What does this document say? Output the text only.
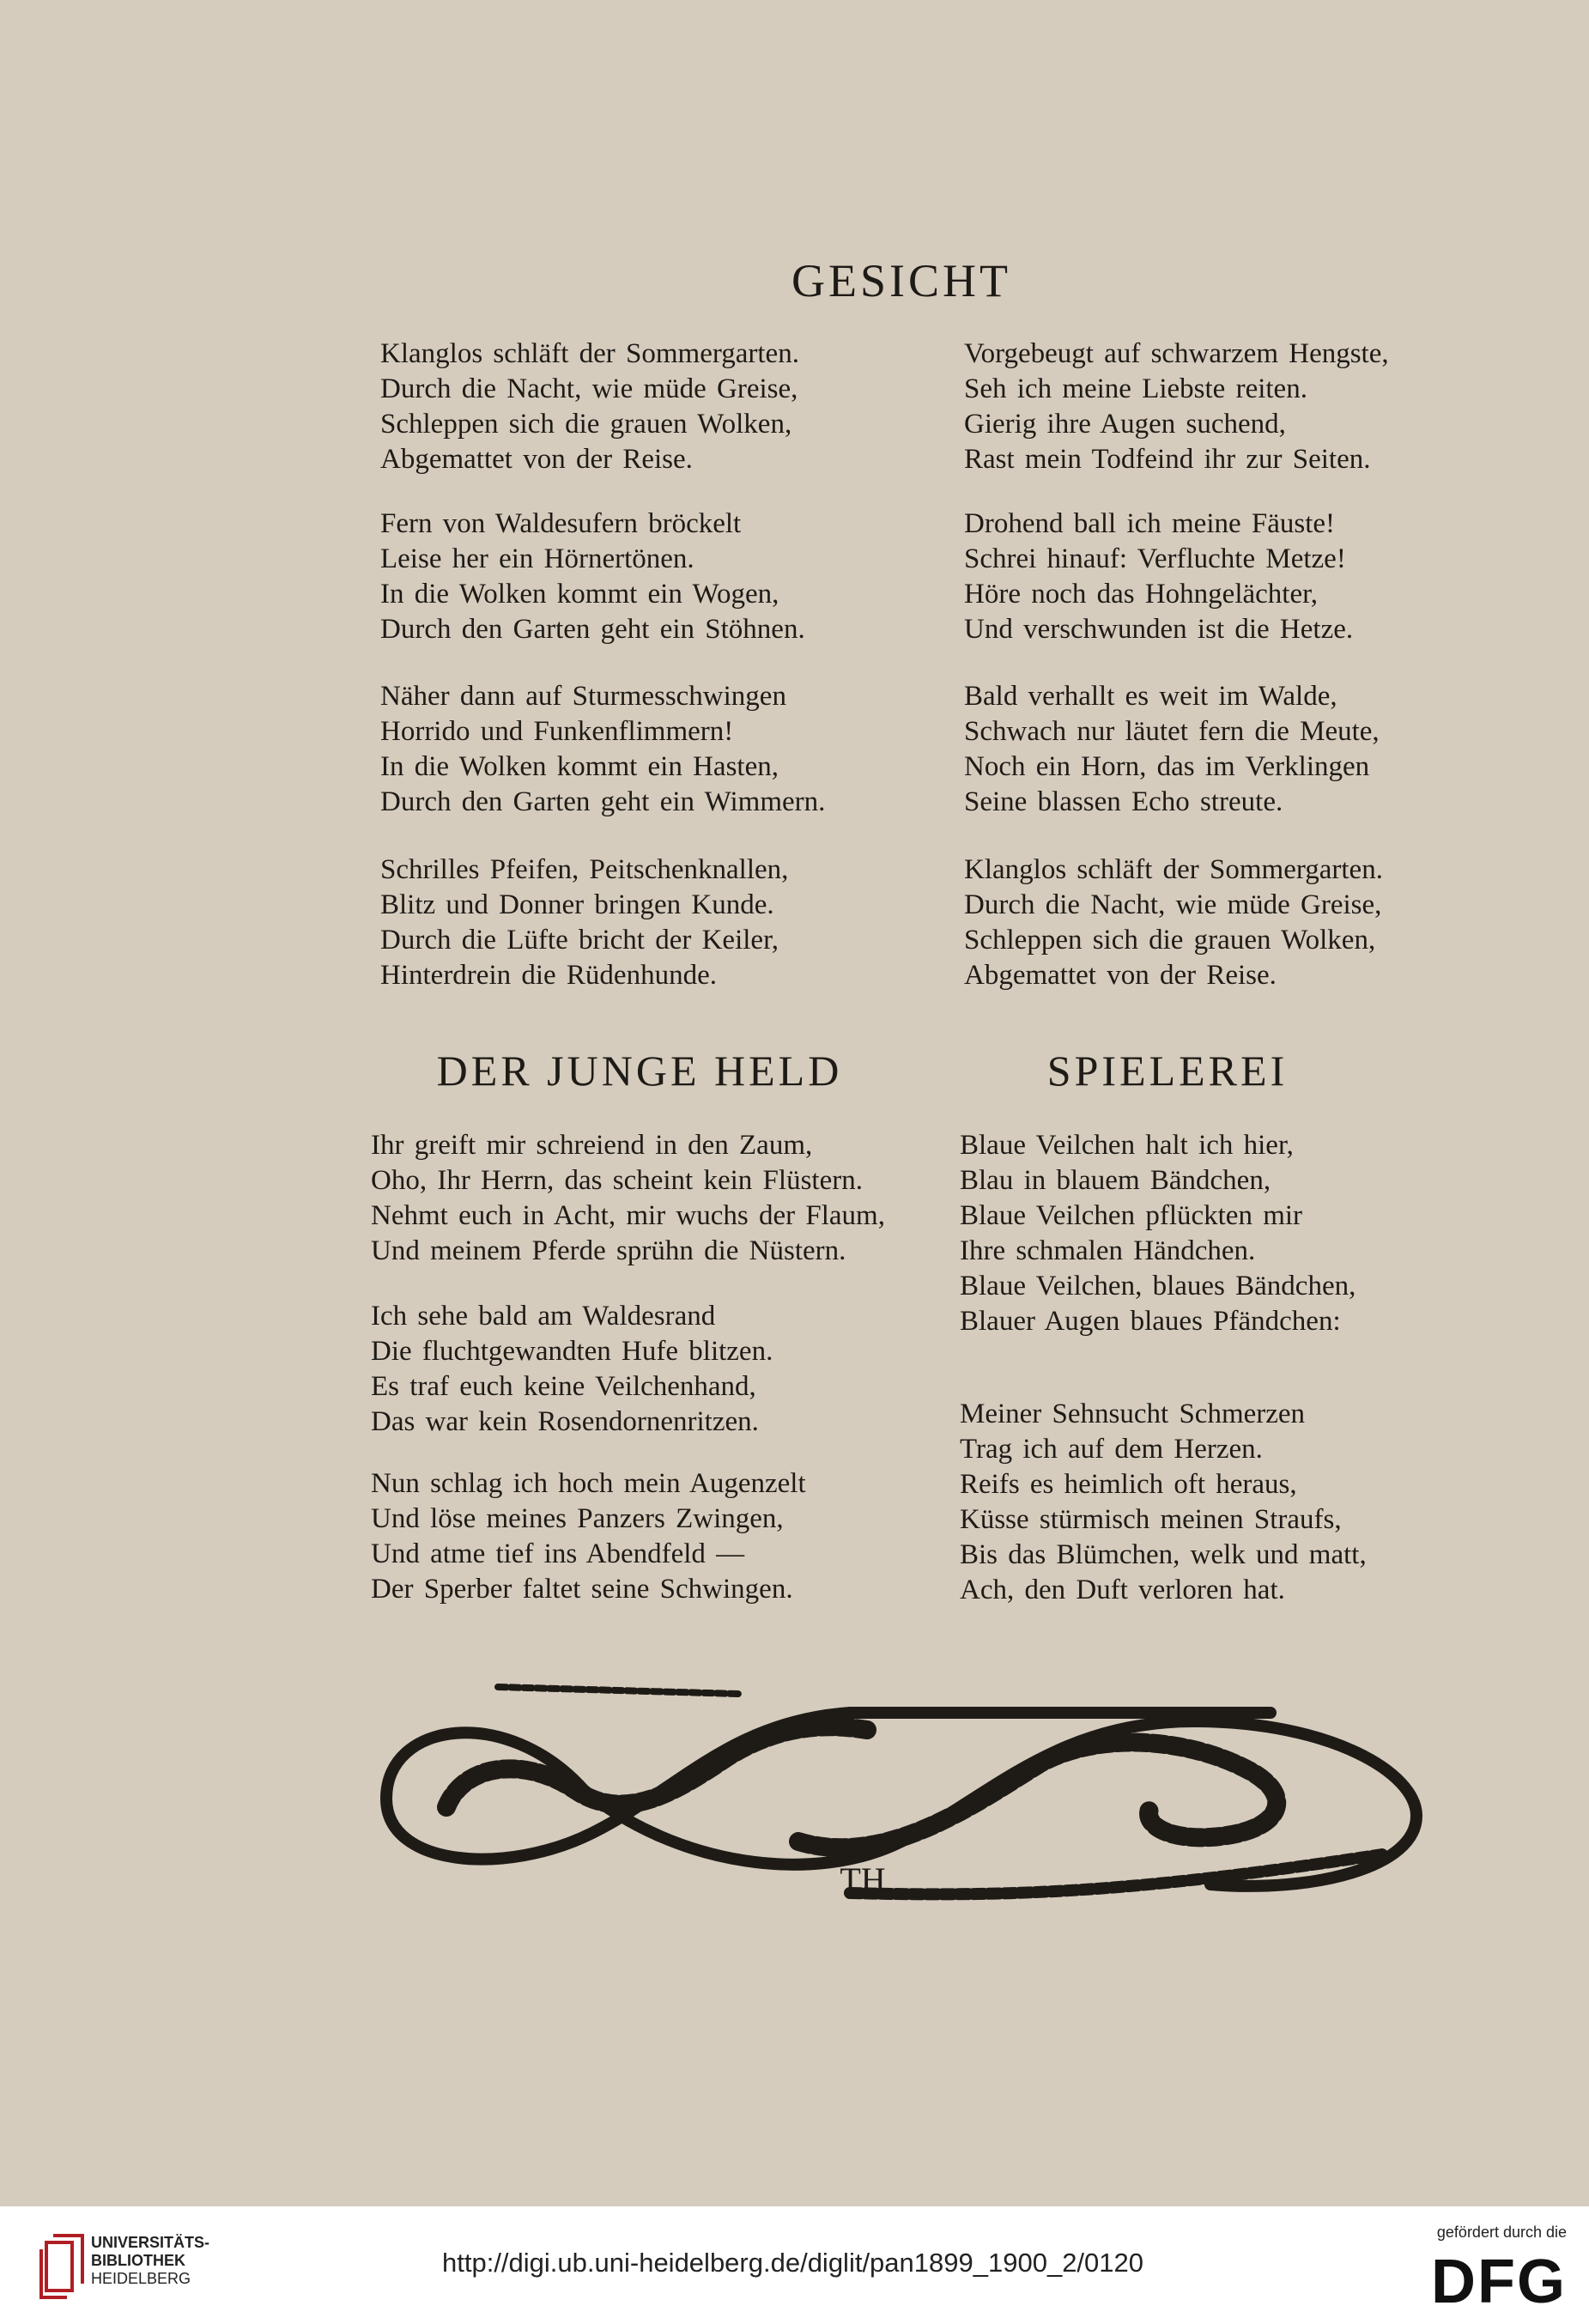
GESICHT
Klanglos schläft der Sommergarten.
Durch die Nacht, wie müde Greise,
Schleppen sich die grauen Wolken,
Abgemattet von der Reise.
Fern von Waldesufern bröckelt
Leise her ein Hörnertönen.
In die Wolken kommt ein Wogen,
Durch den Garten geht ein Stöhnen.
Näher dann auf Sturmesschwingen
Horrido und Funkenflimmern!
In die Wolken kommt ein Hasten,
Durch den Garten geht ein Wimmern.
Schrilles Pfeifen, Peitschenknallen,
Blitz und Donner bringen Kunde.
Durch die Lüfte bricht der Keiler,
Hinterdrein die Rüdenhunde.
Vorgebeugt auf schwarzem Hengste,
Seh ich meine Liebste reiten.
Gierig ihre Augen suchend,
Rast mein Todfeind ihr zur Seiten.
Drohend ball ich meine Fäuste!
Schrei hinauf: Verfluchte Metze!
Höre noch das Hohngelächter,
Und verschwunden ist die Hetze.
Bald verhallt es weit im Walde,
Schwach nur läutet fern die Meute,
Noch ein Horn, das im Verklingen
Seine blassen Echo streute.
Klanglos schläft der Sommergarten.
Durch die Nacht, wie müde Greise,
Schleppen sich die grauen Wolken,
Abgemattet von der Reise.
DER JUNGE HELD
Ihr greift mir schreiend in den Zaum,
Oho, Ihr Herrn, das scheint kein Flüstern.
Nehmt euch in Acht, mir wuchs der Flaum,
Und meinem Pferde sprühn die Nüstern.
Ich sehe bald am Waldesrand
Die fluchtgewandten Hufe blitzen.
Es traf euch keine Veilchenhand,
Das war kein Rosendornenritzen.
Nun schlag ich hoch mein Augenzelt
Und löse meines Panzers Zwingen,
Und atme tief ins Abendfeld —
Der Sperber faltet seine Schwingen.
SPIELEREI
Blaue Veilchen halt ich hier,
Blau in blauem Bändchen,
Blaue Veilchen pflückten mir
Ihre schmalen Händchen.
Blaue Veilchen, blaues Bändchen,
Blauer Augen blaues Pfändchen:
Meiner Sehnsucht Schmerzen
Trag ich auf dem Herzen.
Reifs es heimlich oft heraus,
Küsse stürmisch meinen Straufs,
Bis das Blümchen, welk und matt,
Ach, den Duft verloren hat.
TH
UNIVERSITÄTS-
BIBLIOTHEK
HEIDELBERG
http://digi.ub.uni-heidelberg.de/diglit/pan1899_1900_2/0120
gefördert durch die
DFG
